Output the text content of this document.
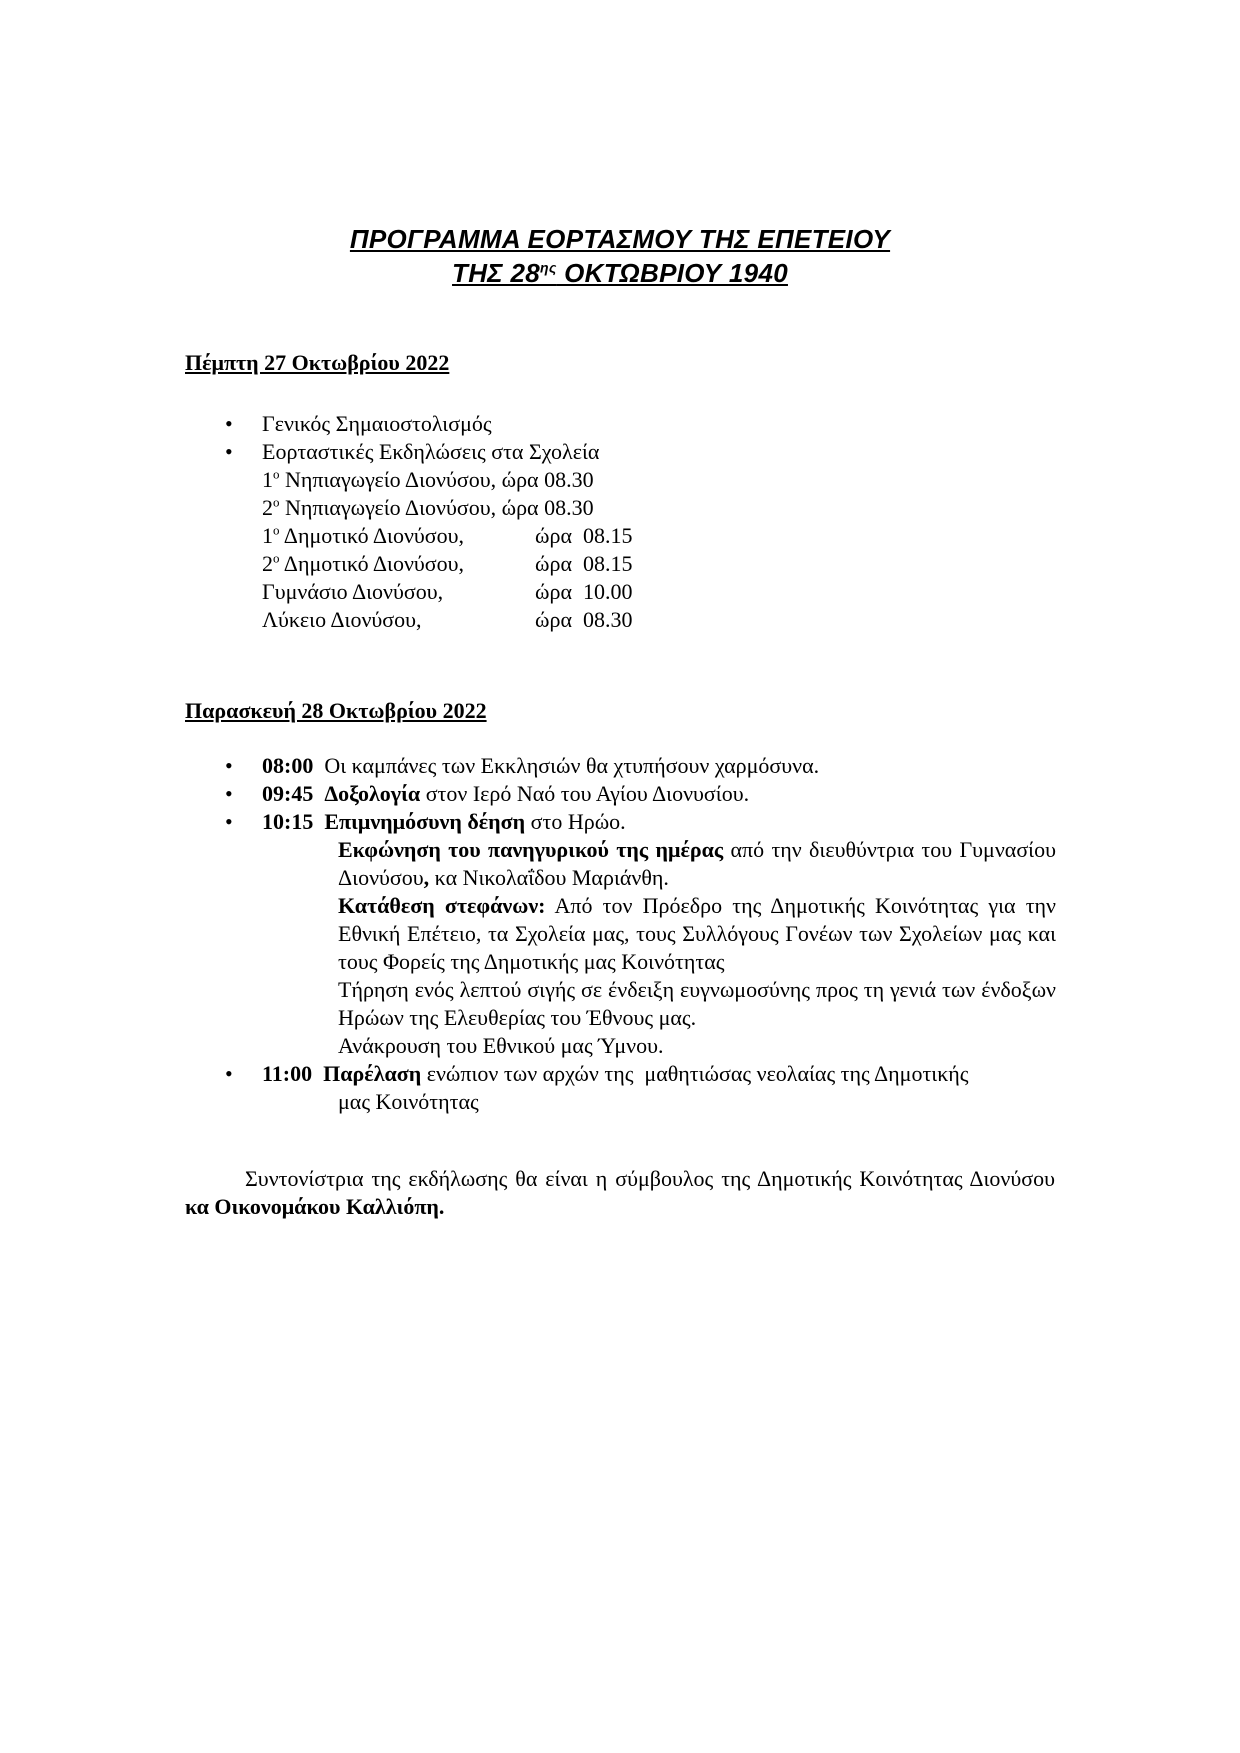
ΠΡΟΓΡΑΜΜΑ ΕΟΡΤΑΣΜΟΥ ΤΗΣ ΕΠΕΤΕΙΟΥ
ΤΗΣ $28^{\eta\varsigma}$ ΟΚΤΩΒΡΙΟΥ 1940
Πέμπτη 27 Οκτωβρίου 2022
• Γενικός Σημαιοστολισμός
• Εορταστικές Εκδηλώσεις στα Σχολεία
$1^o$ Νηπιαγωγείο Διονύσου, ώρα 08.30
$2^o$ Νηπιαγωγείο Διονύσου, ώρα 08.30
$1^o$ Δημοτικό Διονύσου,	ώρα  08.15
$2^o$ Δημοτικό Διονύσου,	ώρα  08.15
Γυμνάσιο Διονύσου,	ώρα  10.00
Λύκειο Διονύσου,	ώρα  08.30
Παρασκευή 28 Οκτωβρίου 2022
• 08:00 Οι καμπάνες των Εκκλησιών θα χτυπήσουν χαρμόσυνα.
• 09:45 Δοξολογία στον Ιερό Ναό του Αγίου Διονυσίου.
• 10:15 Επιμνημόσυνη δέηση στο Ηρώο.
Εκφώνηση του πανηγυρικού της ημέρας από την διευθύντρια του Γυμνασίου Διονύσου, κα Νικολαΐδου Μαριάνθη.
Κατάθεση στεφάνων: Από τον Πρόεδρο της Δημοτικής Κοινότητας για την Εθνική Επέτειο, τα Σχολεία μας, τους Συλλόγους Γονέων των Σχολείων μας και τους Φορείς της Δημοτικής μας Κοινότητας
Τήρηση ενός λεπτού σιγής σε ένδειξη ευγνωμοσύνης προς τη γενιά των ένδοξων Ηρώων της Ελευθερίας του Έθνους μας.
Ανάκρουση του Εθνικού μας Ύμνου.
• 11:00 Παρέλαση ενώπιον των αρχών της  μαθητιώσας νεολαίας της Δημοτικής
μας Κοινότητας
Συντονίστρια της εκδήλωσης θα είναι η σύμβουλος της Δημοτικής Κοινότητας Διονύσου κα Οικονομάκου Καλλιόπη.
